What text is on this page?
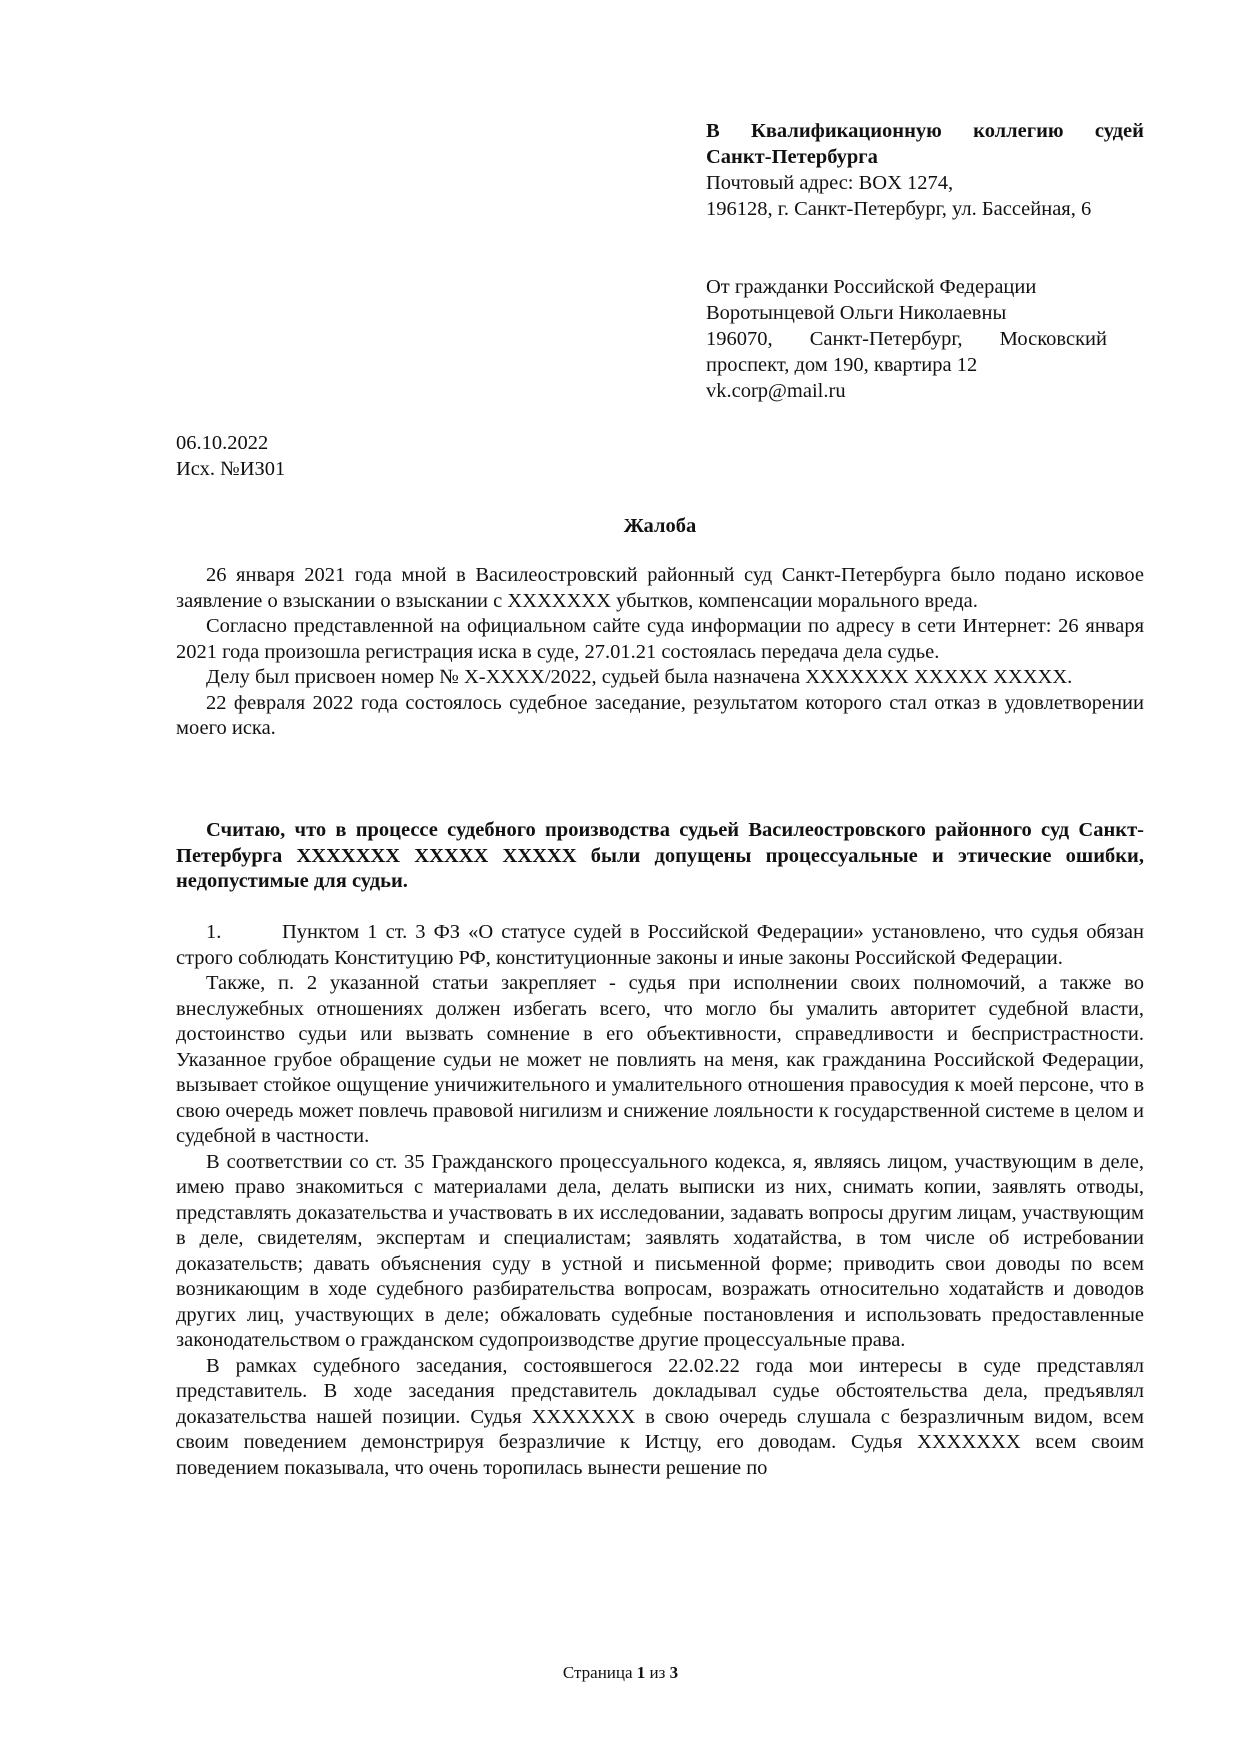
В Квалификационную коллегию судей
Санкт-Петербурга
Почтовый адрес: BOX 1274,
196128, г. Санкт-Петербург, ул. Бассейная, 6
От гражданки Российской Федерации
Воротынцевой Ольги Николаевны
196070, Санкт-Петербург, Московский
проспект, дом 190, квартира 12
vk.corp@mail.ru
06.10.2022
Исх. №ИЗ01
Жалоба

26 января 2021 года мной в Василеостровский районный суд Санкт-Петербурга было подано исковое заявление о взыскании о взыскании с XXXXXXX убытков, компенсации морального вреда.

Согласно представленной на официальном сайте суда информации по адресу в сети Интернет: 26 января 2021 года произошла регистрация иска в суде, 27.01.21 состоялась передача дела судье.

Делу был присвоен номер № X-XXXX/2022, судьей была назначена XXXXXXX XXXXX XXXXX.

22 февраля 2022 года состоялось судебное заседание, результатом которого стал отказ в удовлетворении моего иска.

Считаю, что в процессе судебного производства судьей Василеостровского районного суд Санкт-Петербурга XXXXXXX XXXXX XXXXX были допущены процессуальные и этические ошибки, недопустимые для судьи.

1.	Пунктом 1 ст. 3 ФЗ «О статусе судей в Российской Федерации» установлено, что судья обязан строго соблюдать Конституцию РФ, конституционные законы и иные законы Российской Федерации.

Также, п. 2 указанной статьи закрепляет - судья при исполнении своих полномочий, а также во внеслужебных отношениях должен избегать всего, что могло бы умалить авторитет судебной власти, достоинство судьи или вызвать сомнение в его объективности, справедливости и беспристрастности. Указанное грубое обращение судьи не может не повлиять на меня, как гражданина Российской Федерации, вызывает стойкое ощущение уничижительного и умалительного отношения правосудия к моей персоне, что в свою очередь может повлечь правовой нигилизм и снижение лояльности к государственной системе в целом и судебной в частности.

В соответствии со ст. 35 Гражданского процессуального кодекса, я, являясь лицом, участвующим в деле, имею право знакомиться с материалами дела, делать выписки из них, снимать копии, заявлять отводы, представлять доказательства и участвовать в их исследовании, задавать вопросы другим лицам, участвующим в деле, свидетелям, экспертам и специалистам; заявлять ходатайства, в том числе об истребовании доказательств; давать объяснения суду в устной и письменной форме; приводить свои доводы по всем возникающим в ходе судебного разбирательства вопросам, возражать относительно ходатайств и доводов других лиц, участвующих в деле; обжаловать судебные постановления и использовать предоставленные законодательством о гражданском судопроизводстве другие процессуальные права.

В рамках судебного заседания, состоявшегося 22.02.22 года мои интересы в суде представлял представитель. В ходе заседания представитель докладывал судье обстоятельства дела, предъявлял доказательства нашей позиции. Судья XXXXXXX в свою очередь слушала с безразличным видом, всем своим поведением демонстрируя безразличие к Истцу, его доводам. Судья XXXXXXX всем своим поведением показывала, что очень торопилась вынести решение по

Страница 1 из 3
